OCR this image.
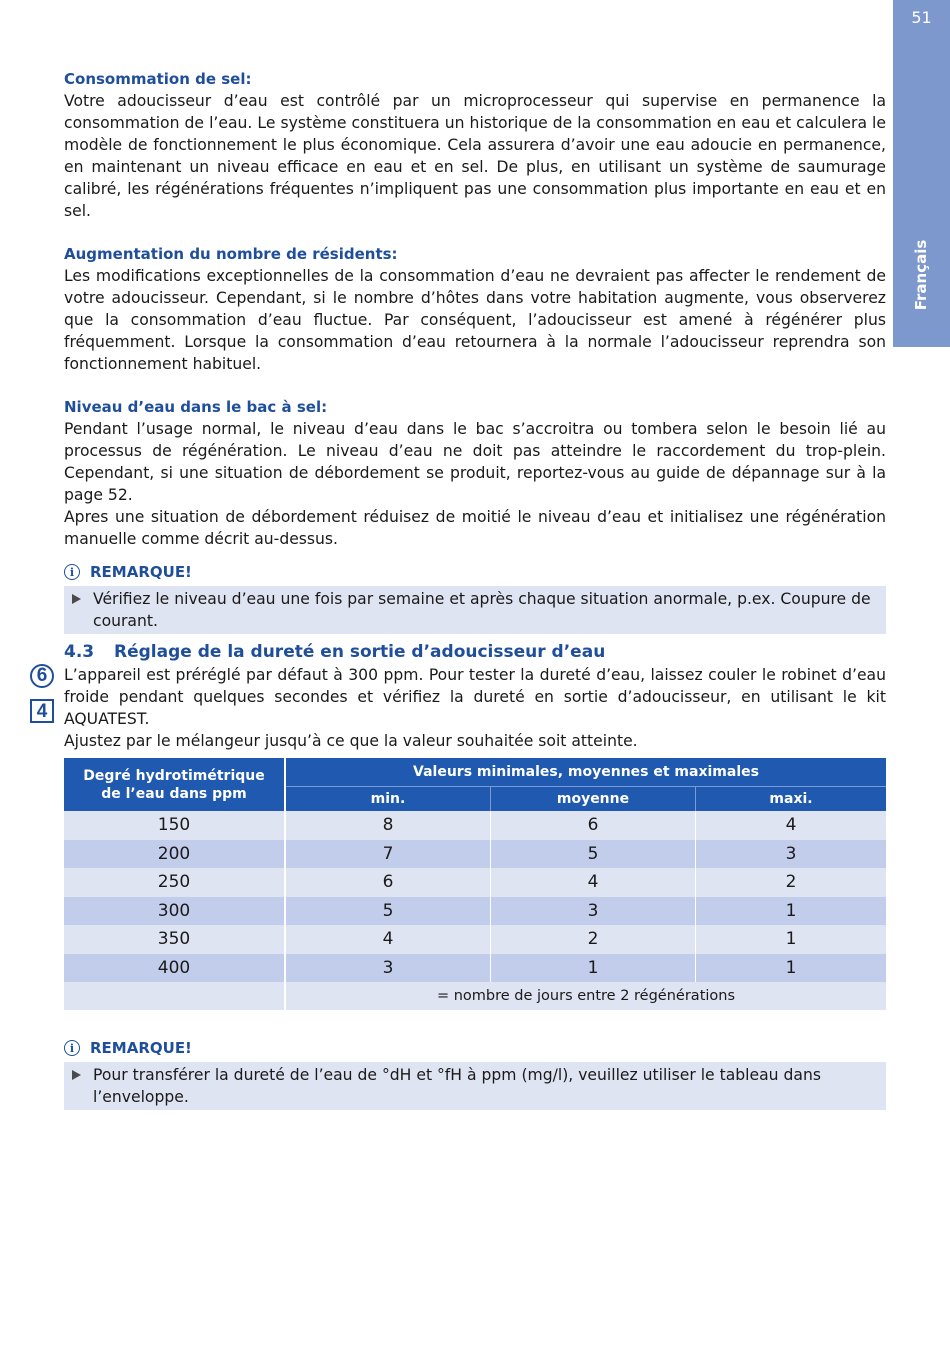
51
Français
6
4

Consommation de sel:

Votre adoucisseur d’eau est contrôlé par un microprocesseur qui supervise en permanence la consommation de l’eau. Le système constituera un historique de la consommation en eau et calculera le modèle de fonctionnement le plus économique. Cela assurera d’avoir une eau adoucie en permanence, en maintenant un niveau efficace en eau et en sel. De plus, en utilisant un système de saumurage calibré, les régénérations fréquentes n’impliquent pas une consommation plus importante en eau et en sel.

Augmentation du nombre de résidents:

Les modifications exceptionnelles de la consommation d’eau ne devraient pas affecter le rendement de votre adoucisseur. Cependant, si le nombre d’hôtes dans votre habitation augmente, vous observerez que la consommation d’eau fluctue. Par conséquent, l’adoucisseur est amené à régénérer plus fréquemment. Lorsque la consommation d’eau retournera à la normale l’adoucisseur reprendra son fonctionnement habituel.

Niveau d’eau dans le bac à sel:

Pendant l’usage normal, le niveau d’eau dans le bac s’accroitra ou tombera selon le besoin lié au processus de régénération. Le niveau d’eau ne doit pas atteindre le raccordement du trop-plein. Cependant, si une situation de débordement se produit, reportez-vous au guide de dépannage sur à la page 52.

Apres une situation de débordement réduisez de moitié le niveau d’eau et initialisez une régénération manuelle comme décrit au-dessus.

i	REMARQUE!
Vérifiez le niveau d’eau une fois par semaine et après chaque situation anormale, p.ex. Coupure de courant.
4.3 Réglage de la dureté en sortie d’adoucisseur d’eau

L’appareil est préréglé par défaut à 300 ppm. Pour tester la dureté d’eau, laissez couler le robinet d’eau froide pendant quelques secondes et vérifiez la dureté en sortie d’adoucisseur, en utilisant le kit AQUATEST.

Ajustez par le mélangeur jusqu’à ce que la valeur souhaitée soit atteinte.

Degré hydrotimétrique de l’eau dans ppm	Valeurs minimales, moyennes et maximales		
	min.	moyenne	maxi.
150	8	6	4
200	7	5	3
250	6	4	2
300	5	3	1
350	4	2	1
400	3	1	1
	= nombre de jours entre 2 régénérations		
i	REMARQUE!
Pour transférer la dureté de l’eau de °dH et °fH à ppm (mg/l), veuillez utiliser le tableau dans l’enveloppe.
